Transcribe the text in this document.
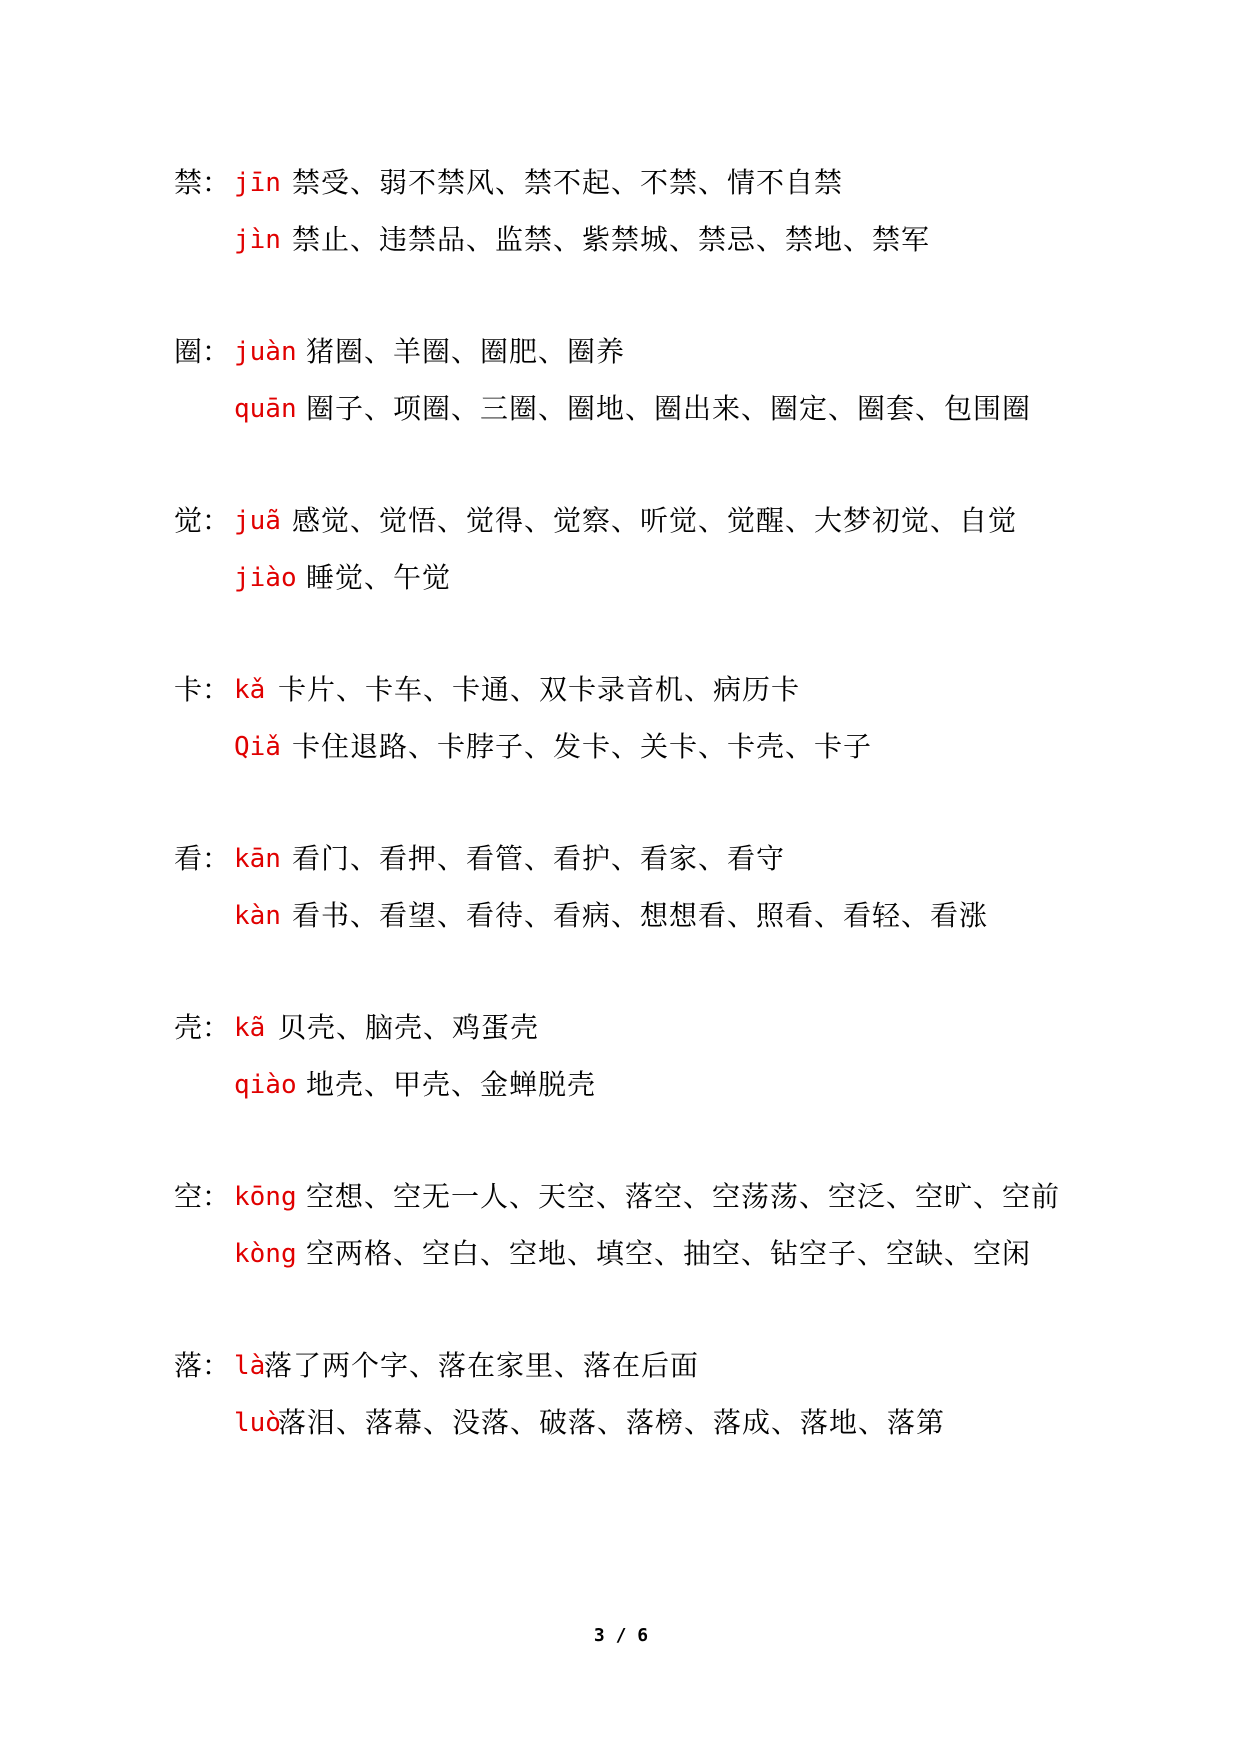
禁： jīn 禁受、弱不禁风、禁不起、不禁、情不自禁
jìn 禁止、违禁品、监禁、紫禁城、禁忌、禁地、禁军
圈： juàn 猪圈、羊圈、圈肥、圈养
quān 圈子、项圈、三圈、圈地、圈出来、圈定、圈套、包围圈
觉： juã 感觉、觉悟、觉得、觉察、听觉、觉醒、大梦初觉、自觉
jiào 睡觉、午觉
卡： kǎ 卡片、卡车、卡通、双卡录音机、病历卡
Qiǎ 卡住退路、卡脖子、发卡、关卡、卡壳、卡子
看： kān 看门、看押、看管、看护、看家、看守
kàn 看书、看望、看待、看病、想想看、照看、看轻、看涨
壳： kã 贝壳、脑壳、鸡蛋壳
qiào 地壳、甲壳、金蝉脱壳
空： kōng 空想、空无一人、天空、落空、空荡荡、空泛、空旷、空前
kòng 空两格、空白、空地、填空、抽空、钻空子、空缺、空闲
落： là
落了两个字、落在家里、落在后面
luò
落泪、落幕、没落、破落、落榜、落成、落地、落第
3 / 6
